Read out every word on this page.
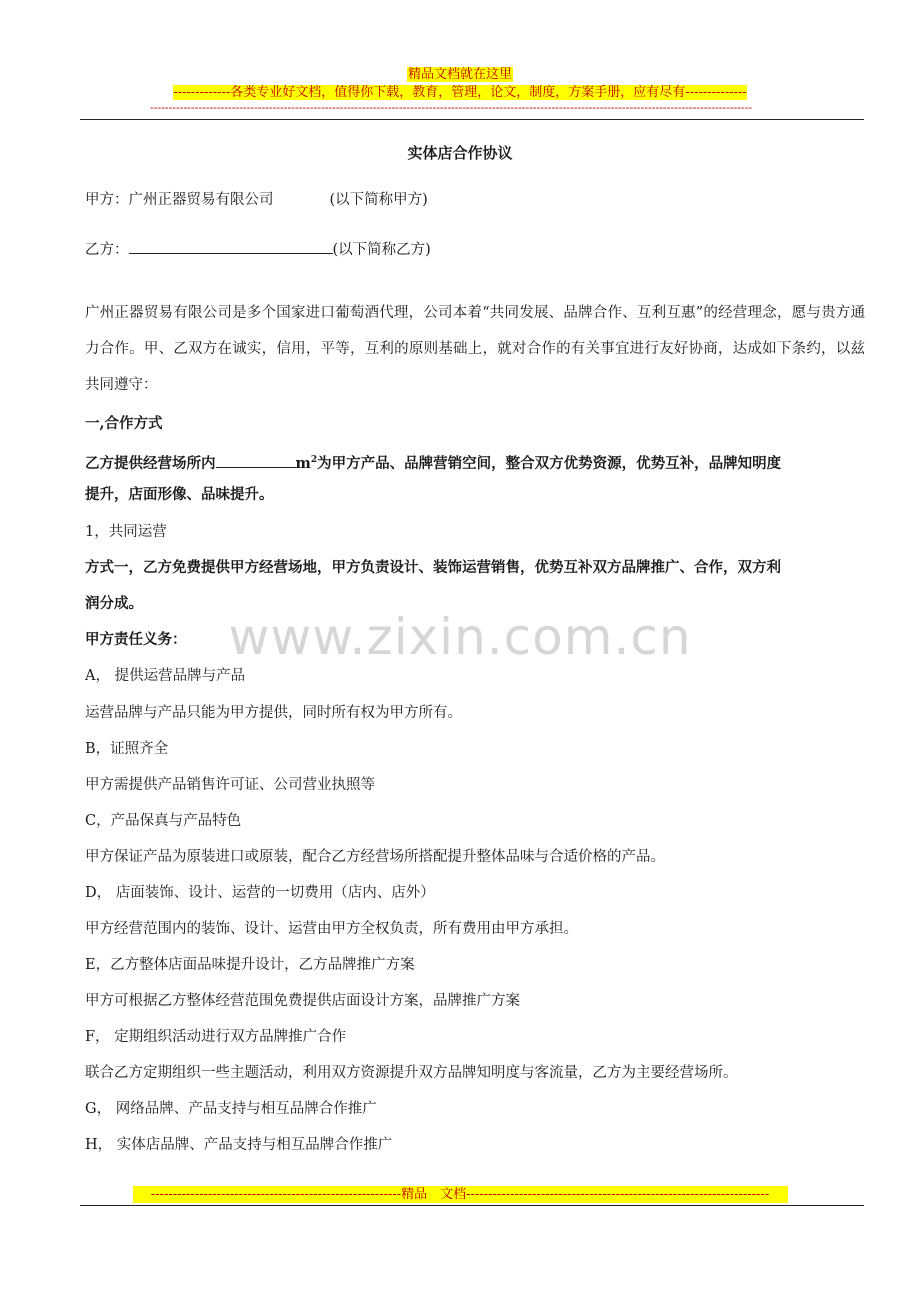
精品文档就在这里
-------------各类专业好文档，值得你下载，教育，管理，论文，制度，方案手册，应有尽有--------------
------------------------------------------------------------------------------------------------------------------------------------------------------------------
实体店合作协议
甲方：广州正器贸易有限公司	(以下简称甲方)
乙方：	(以下简称乙方)
广州正器贸易有限公司是多个国家进口葡萄酒代理，公司本着“共同发展、品牌合作、互利互惠”的经营理念，愿与贵方通力合作。甲、乙双方在诚实，信用，平等，互利的原则基础上，就对合作的有关事宜进行友好协商，达成如下条约，以兹共同遵守：
一,合作方式
乙方提供经营场所内	$m^2$为甲方产品、品牌营销空间，整合双方优势资源，优势互补，品牌知明度
提升，店面形像、品味提升。
1，共同运营
方式一，乙方免费提供甲方经营场地，甲方负责设计、装饰运营销售，优势互补双方品牌推广、合作，双方利
润分成。
甲方责任义务：
A， 提供运营品牌与产品
运营品牌与产品只能为甲方提供，同时所有权为甲方所有。
B，证照齐全
甲方需提供产品销售许可证、公司营业执照等
C，产品保真与产品特色
甲方保证产品为原装进口或原装，配合乙方经营场所搭配提升整体品味与合适价格的产品。
D， 店面装饰、设计、运营的一切费用（店内、店外）
甲方经营范围内的装饰、设计、运营由甲方全权负责，所有费用由甲方承担。
E，乙方整体店面品味提升设计，乙方品牌推广方案
甲方可根据乙方整体经营范围免费提供店面设计方案，品牌推广方案
F， 定期组织活动进行双方品牌推广合作
联合乙方定期组织一些主题活动，利用双方资源提升双方品牌知明度与客流量，乙方为主要经营场所。
G， 网络品牌、产品支持与相互品牌合作推广
H， 实体店品牌、产品支持与相互品牌合作推广
www.zixin.com.cn
---------------------------------------------------------精品　文档---------------------------------------------------------------------
